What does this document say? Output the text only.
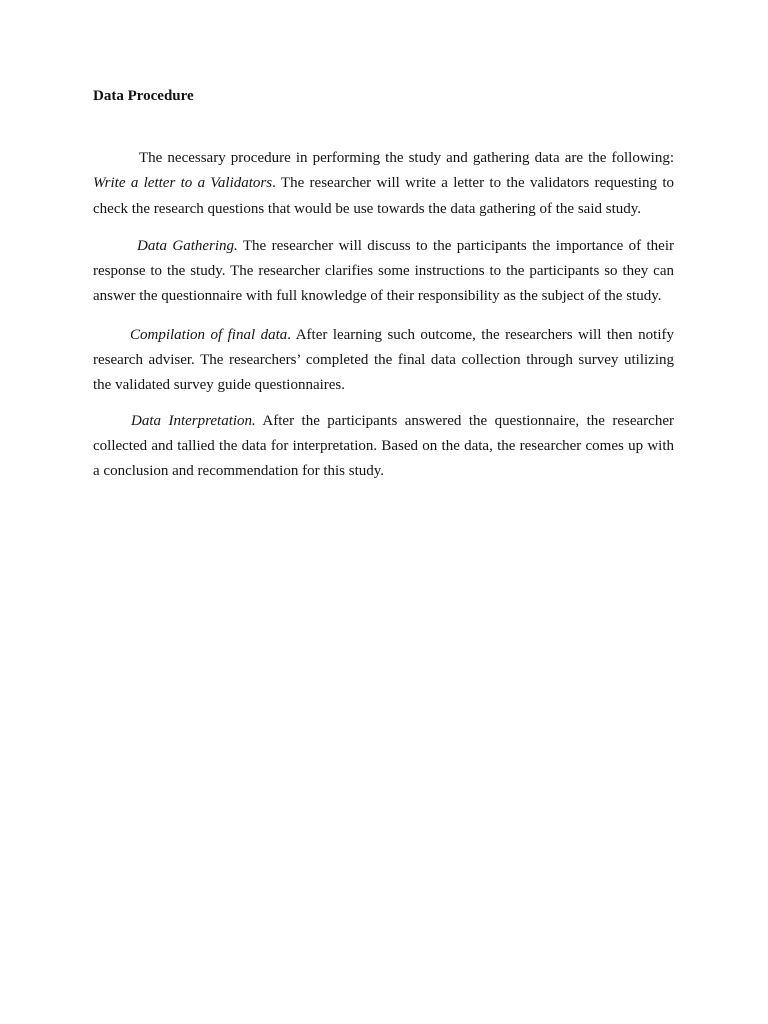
Data Procedure

The necessary procedure in performing the study and gathering data are the following: Write a letter to a Validators. The researcher will write a letter to the validators requesting to check the research questions that would be use towards the data gathering of the said study.

Data Gathering. The researcher will discuss to the participants the importance of their response to the study. The researcher clarifies some instructions to the participants so they can answer the questionnaire with full knowledge of their responsibility as the subject of the study.

Compilation of final data. After learning such outcome, the researchers will then notify research adviser. The researchers’ completed the final data collection through survey utilizing the validated survey guide questionnaires.

Data Interpretation. After the participants answered the questionnaire, the researcher collected and tallied the data for interpretation. Based on the data, the researcher comes up with a conclusion and recommendation for this study.
